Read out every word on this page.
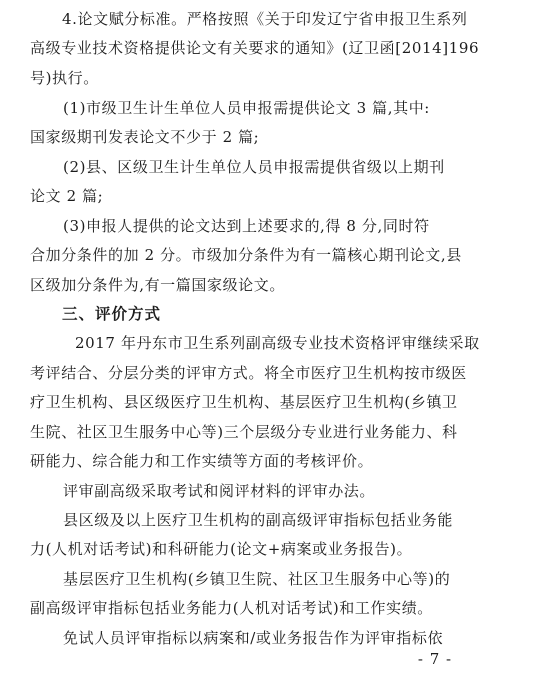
4.论文赋分标准。严格按照《关于印发辽宁省申报卫生系列
高级专业技术资格提供论文有关要求的通知》(辽卫函[2014]196
号)执行。
(1)市级卫生计生单位人员申报需提供论文 3 篇,其中:
国家级期刊发表论文不少于 2 篇;
(2)县、区级卫生计生单位人员申报需提供省级以上期刊
论文 2 篇;
(3)申报人提供的论文达到上述要求的,得 8 分,同时符
合加分条件的加 2 分。市级加分条件为有一篇核心期刊论文,县
区级加分条件为,有一篇国家级论文。
三、评价方式
2017 年丹东市卫生系列副高级专业技术资格评审继续采取
考评结合、分层分类的评审方式。将全市医疗卫生机构按市级医
疗卫生机构、县区级医疗卫生机构、基层医疗卫生机构(乡镇卫
生院、社区卫生服务中心等)三个层级分专业进行业务能力、科
研能力、综合能力和工作实绩等方面的考核评价。
评审副高级采取考试和阅评材料的评审办法。
县区级及以上医疗卫生机构的副高级评审指标包括业务能
力(人机对话考试)和科研能力(论文+病案或业务报告)。
基层医疗卫生机构(乡镇卫生院、社区卫生服务中心等)的
副高级评审指标包括业务能力(人机对话考试)和工作实绩。
免试人员评审指标以病案和/或业务报告作为评审指标依
- 7 -
